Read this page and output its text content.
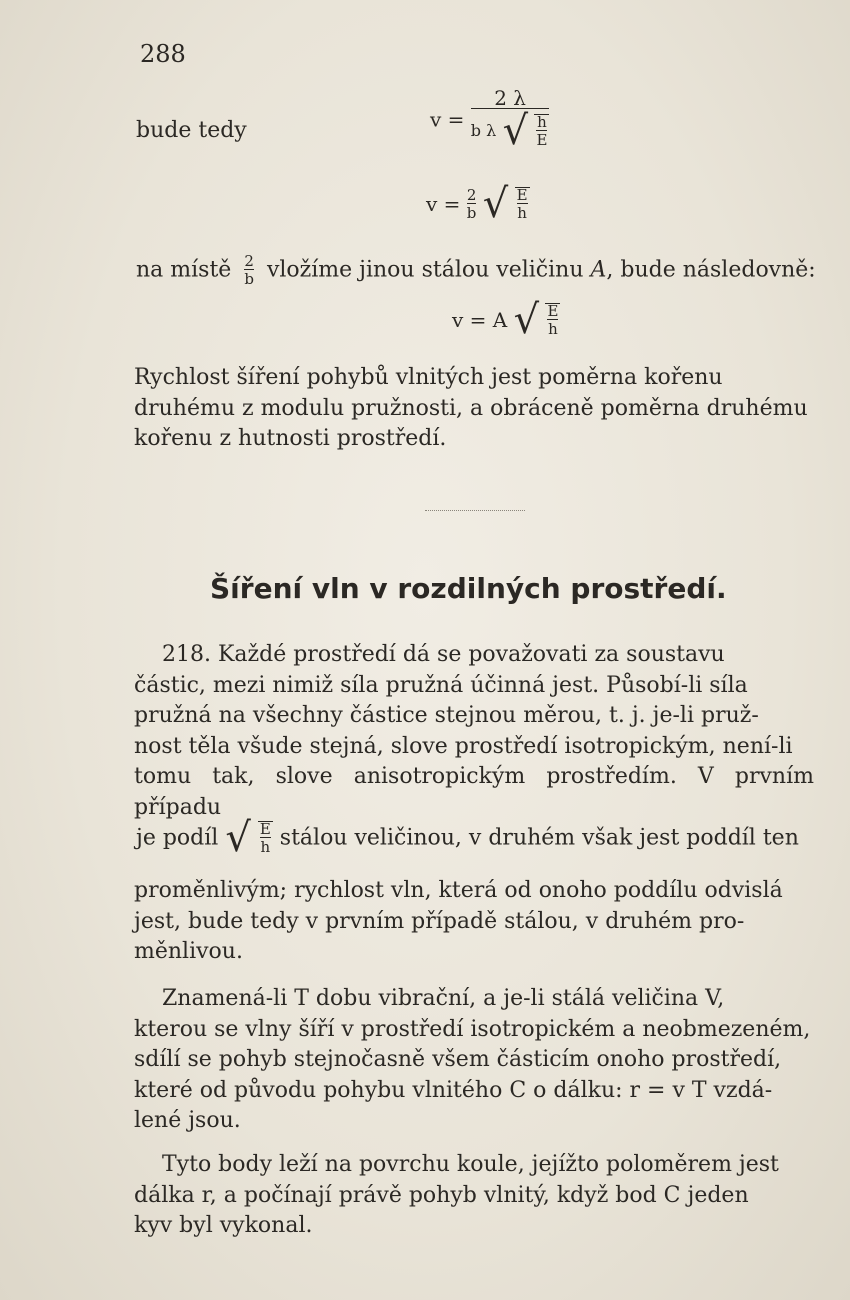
288
bude tedy	v =
2 λ
b λ √ $\frac{h}{E}$
$v = \frac{2}{b}$ √ $\frac{E}{h}$
na místě $\frac{2}{b}$ vložíme jinou stálou veličinu A, bude následovně:
v = A √ $\frac{E}{h}$
Rychlost šíření pohybů vlnitých jest poměrna kořenu
druhému z modulu pružnosti, a obráceně poměrna druhému
kořenu z hutnosti prostředí.
Šíření vln v rozdilných prostředí.
218. Každé prostředí dá se považovati za soustavu
částic, mezi nimiž síla pružná účinná jest. Působí-li síla
pružná na všechny částice stejnou měrou, t. j. je-li pruž-
nost těla všude stejná, slove prostředí isotropickým, není-li
tomu tak, slove anisotropickým prostředím. V prvním případu
je podíl √ $\frac{E}{h}$ stálou veličinou, v druhém však jest poddíl ten
proměnlivým; rychlost vln, která od onoho poddílu odvislá
jest, bude tedy v prvním případě stálou, v druhém pro-
měnlivou.
Znamená-li T dobu vibrační, a je-li stálá veličina V,
kterou se vlny šíří v prostředí isotropickém a neobmezeném,
sdílí se pohyb stejnočasně všem částicím onoho prostředí,
které od původu pohybu vlnitého C o dálku: r = v T vzdá-
lené jsou.
Tyto body leží na povrchu koule, jejížto poloměrem jest
dálka r, a počínají právě pohyb vlnitý, když bod C jeden
kyv byl vykonal.
